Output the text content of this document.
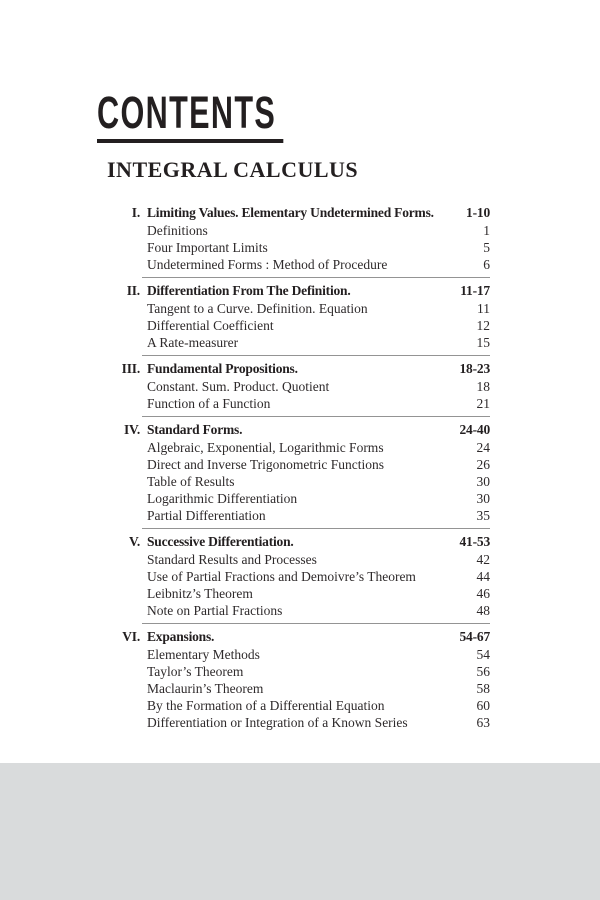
CONTENTS
INTEGRAL CALCULUS
I. Limiting Values. Elementary Undetermined Forms.	1-10
Definitions	1
Four Important Limits	5
Undetermined Forms : Method of Procedure	6
II. Differentiation From The Definition.	11-17
Tangent to a Curve. Definition. Equation	11
Differential Coefficient	12
A Rate-measurer	15
III. Fundamental Propositions.	18-23
Constant. Sum. Product. Quotient	18
Function of a Function	21
IV. Standard Forms.	24-40
Algebraic, Exponential, Logarithmic Forms	24
Direct and Inverse Trigonometric Functions	26
Table of Results	30
Logarithmic Differentiation	30
Partial Differentiation	35
V. Successive Differentiation.	41-53
Standard Results and Processes	42
Use of Partial Fractions and Demoivre’s Theorem	44
Leibnitz’s Theorem	46
Note on Partial Fractions	48
VI. Expansions.	54-67
Elementary Methods	54
Taylor’s Theorem	56
Maclaurin’s Theorem	58
By the Formation of a Differential Equation	60
Differentiation or Integration of a Known Series	63
